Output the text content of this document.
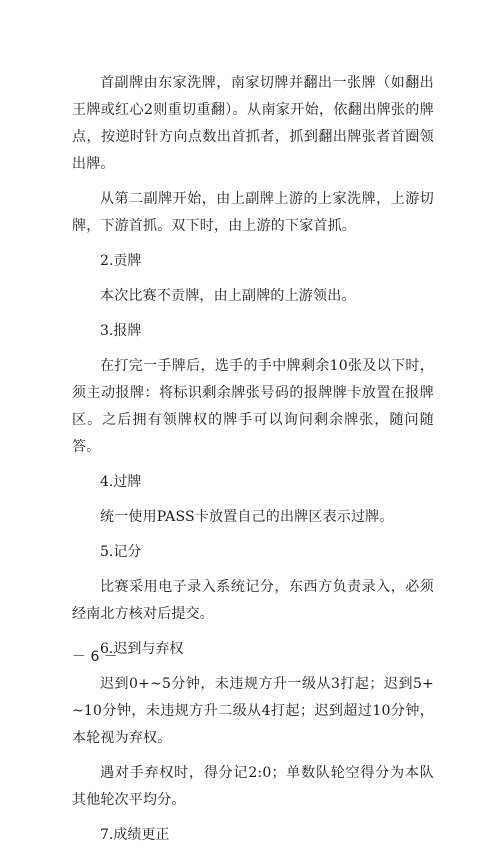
首副牌由东家洗牌，南家切牌并翻出一张牌（如翻出王牌或红心2则重切重翻）。从南家开始，依翻出牌张的牌点，按逆时针方向点数出首抓者，抓到翻出牌张者首圈领出牌。

从第二副牌开始，由上副牌上游的上家洗牌，上游切牌，下游首抓。双下时，由上游的下家首抓。

2.贡牌

本次比赛不贡牌，由上副牌的上游领出。

3.报牌

在打完一手牌后，选手的手中牌剩余10张及以下时，须主动报牌：将标识剩余牌张号码的报牌牌卡放置在报牌区。之后拥有领牌权的牌手可以询问剩余牌张，随问随答。

4.过牌

统一使用PASS卡放置自己的出牌区表示过牌。

5.记分

比赛采用电子录入系统记分，东西方负责录入，必须经南北方核对后提交。

6.迟到与弃权

迟到0+~5分钟，未违规方升一级从3打起；迟到5+~10分钟，未违规方升二级从4打起；迟到超过10分钟，本轮视为弃权。

遇对手弃权时，得分记2:0；单数队轮空得分为本队其他轮次平均分。

7.成绩更正

－ 6 －
